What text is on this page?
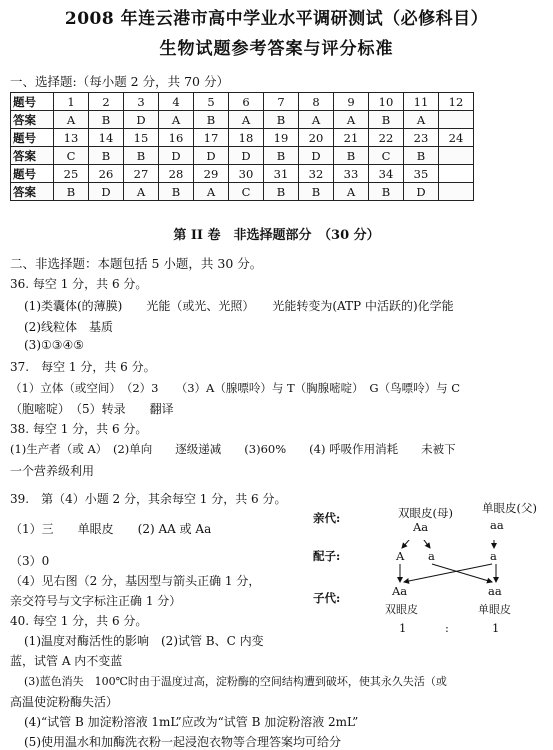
2008 年连云港市高中学业水平调研测试（必修科目）
生物试题参考答案与评分标准
一、选择题:（每小题 2 分，共 70 分）
题号	1	2	3	4	5	6	7	8	9	10	11	12
答案	A	B	D	A	B	A	B	A	A	B	A	
题号	13	14	15	16	17	18	19	20	21	22	23	24
答案	C	B	B	D	D	D	B	D	B	C	B	
题号	25	26	27	28	29	30	31	32	33	34	35	
答案	B	D	A	B	A	C	B	B	A	B	D	
第 II 卷　非选择题部分　（30 分）
二、非选择题：本题包括 5 小题，共 30 分。
36. 每空 1 分，共 6 分。
(1)类囊体(的薄膜)　　光能（或光、光照）　　光能转变为(ATP 中活跃的)化学能
(2)线粒体　基质
(3)①③④⑤
37.　每空 1 分，共 6 分。
（1）立体（或空间）　（2）3　　（3）A（腺嘌呤）与 T（胸腺嘧啶）　G（鸟嘌呤）与 C
（胞嘧啶）　（5）转录　　翻译
38. 每空 1 分，共 6 分。
(1)生产者（或 A）　(2)单向　　逐级递减　　(3)60%　　(4) 呼吸作用消耗　　未被下
一个营养级利用
39.　第（4）小题 2 分，其余每空 1 分，共 6 分。
（1）三　　单眼皮　　(2) AA 或 Aa
（3）0
（4）见右图（2 分，基因型与箭头正确 1 分，
亲交符号与文字标注正确 1 分）
40. 每空 1 分，共 6 分。
(1)温度对酶活性的影响　(2)试管 B、C 内变
蓝，试管 A 内不变蓝
(3)蓝色消失　100℃时由于温度过高，淀粉酶的空间结构遭到破坏，使其永久失活（或
高温使淀粉酶失活）
(4)“试管 B 加淀粉溶液 1mL”应改为“试管 B 加淀粉溶液 2mL”
(5)使用温水和加酶洗衣粉一起浸泡衣物等合理答案均可给分
亲代:	双眼皮(母)	单眼皮(父)
Aa	aa
配子:	A a	a
子代:	Aa	aa
双眼皮	单眼皮
1	:	1
